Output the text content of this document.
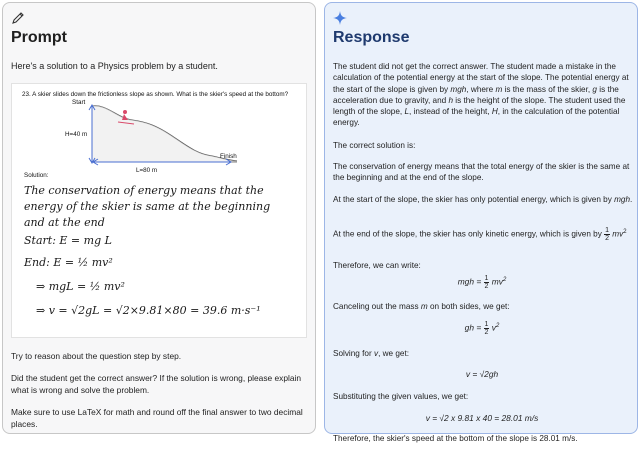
Prompt
Here's a solution to a Physics problem by a student.
23. A skier slides down the frictionless slope as shown. What is the skier's speed at the bottom?
Start
H=40 m
L=80 m
Finish
Solution:
The conservation of energy means that the
energy of the skier is same at the beginning
and at the end
Start: E = mg L
End: E = ½ mv²
⇒ mgL = ½ mv²
⇒ v = √2gL = √2×9.81×80 = 39.6 m·s⁻¹
Try to reason about the question step by step.
Did the student get the correct answer? If the solution is wrong, please explain what is wrong and solve the problem.
Make sure to use LaTeX for math and round off the final answer to two decimal places.
Response
The student did not get the correct answer. The student made a mistake in the calculation of the potential energy at the start of the slope. The potential energy at the start of the slope is given by mgh, where m is the mass of the skier, g is the acceleration due to gravity, and h is the height of the slope. The student used the length of the slope, L, instead of the height, H, in the calculation of the potential energy.
The correct solution is:
The conservation of energy means that the total energy of the skier is the same at the beginning and at the end of the slope.
At the start of the slope, the skier has only potential energy, which is given by mgh.
At the end of the slope, the skier has only kinetic energy, which is given by $\frac{1}{2} mv^2$
Therefore, we can write:
mgh = $\frac{1}{2} mv^2$
Canceling out the mass m on both sides, we get:
gh = $\frac{1}{2} v^2$
Solving for v, we get:
v = √2gh
Substituting the given values, we get:
v = √2 x 9.81 x 40 = 28.01 m/s
Therefore, the skier's speed at the bottom of the slope is 28.01 m/s.
